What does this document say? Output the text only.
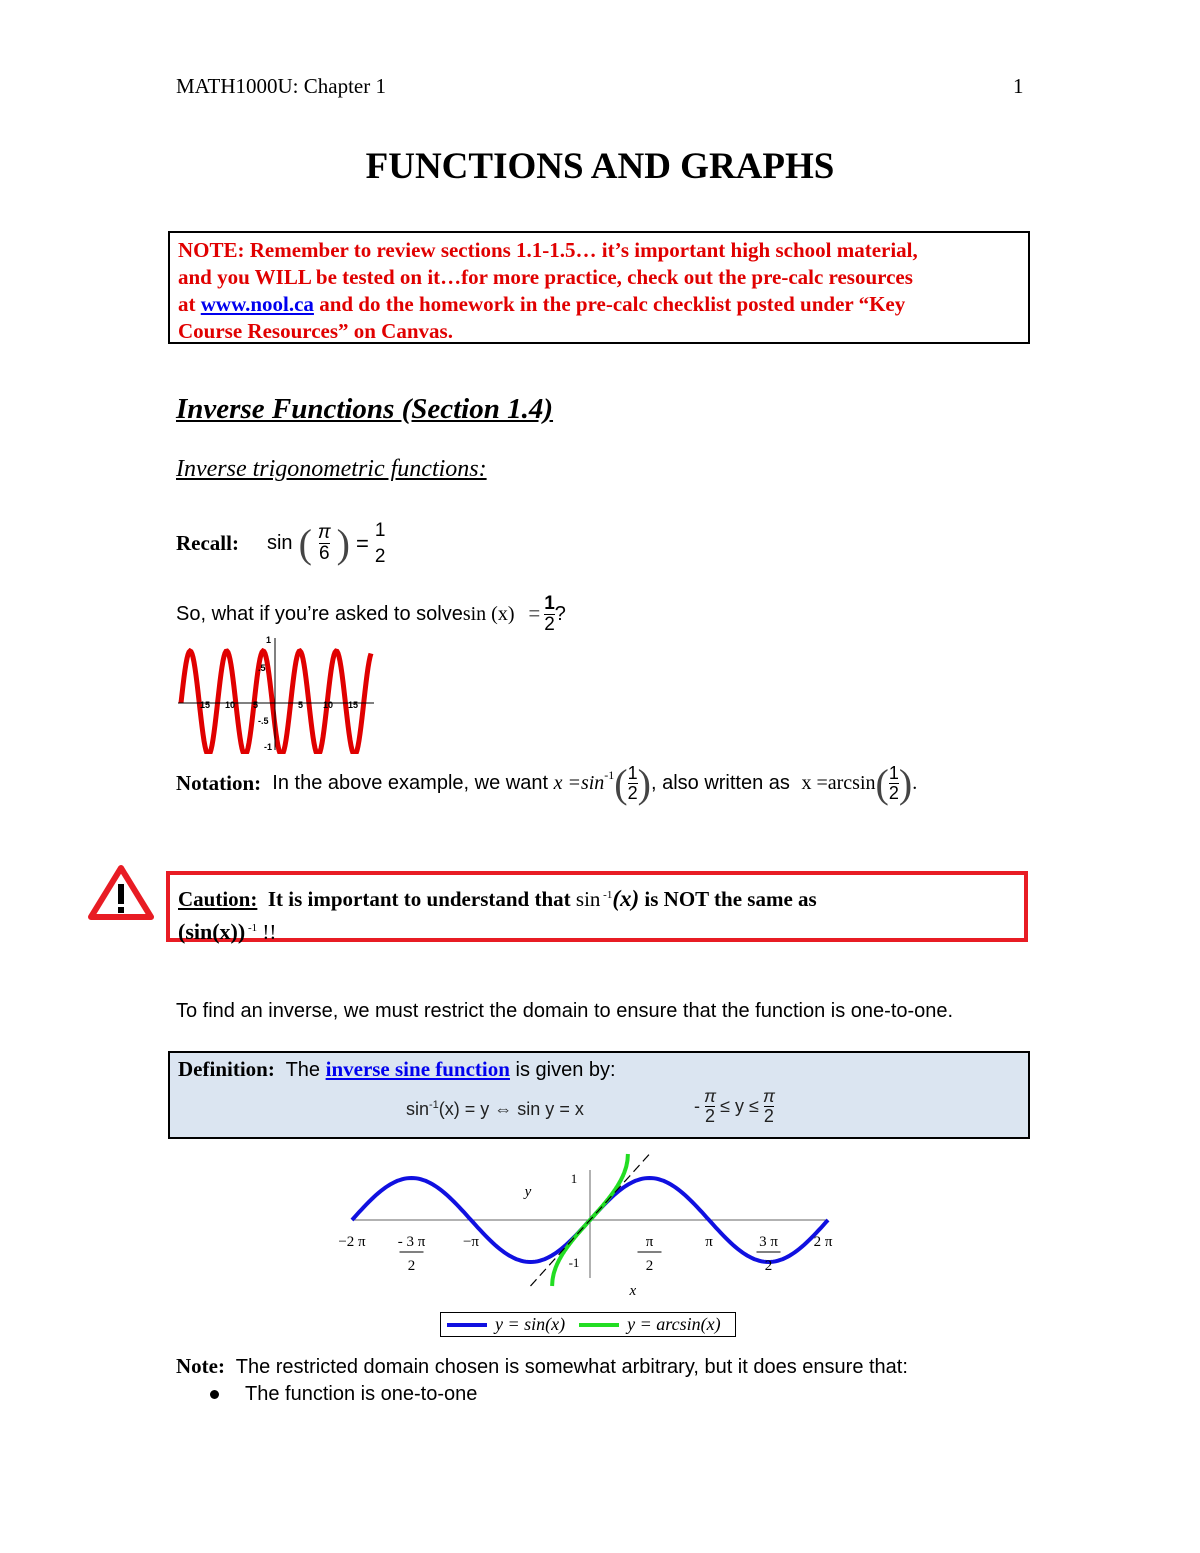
MATH1000U: Chapter 1	1
FUNCTIONS AND GRAPHS
NOTE: Remember to review sections 1.1-1.5… it’s important high school material,
and you WILL be tested on it…for more practice, check out the pre-calc resources
at www.nool.ca and do the homework in the pre-calc checklist posted under “Key
Course Resources” on Canvas.
Inverse Functions (Section 1.4)
Inverse trigonometric functions:
Recall: sin ( $\frac{\pi}{6}$ ) =
1
2
So, what if you’re asked to solve $\sin (x) = \frac{1}{2}$ ?
15 10 5	5 10 15
1
.5
-.5
-1
Notation: In the above example, we want $x =\sin^{-1}$ ( $\frac{1}{2}$ ) , also written as x =arcsin ( $\frac{1}{2}$ ) .
Caution:  It is important to understand that sin $^{-1}$(x) is NOT the same as
(sin(x)) $^{-1}$ !!
To find an inverse, we must restrict the domain to ensure that the function is one-to-one.
Definition:  The inverse sine function is given by:
$\sin^{-1}(x) = y$ ⇔ sin y = x	- $\frac{\pi}{2} \le y \le \frac{\pi}{2}$
−2 π - 3 π
2
−π	π
2
π	3 π
2
2 π
1
-1
y
x
y = sin(x)	y = arcsin(x)
Note:  The restricted domain chosen is somewhat arbitrary, but it does ensure that:
The function is one-to-one
